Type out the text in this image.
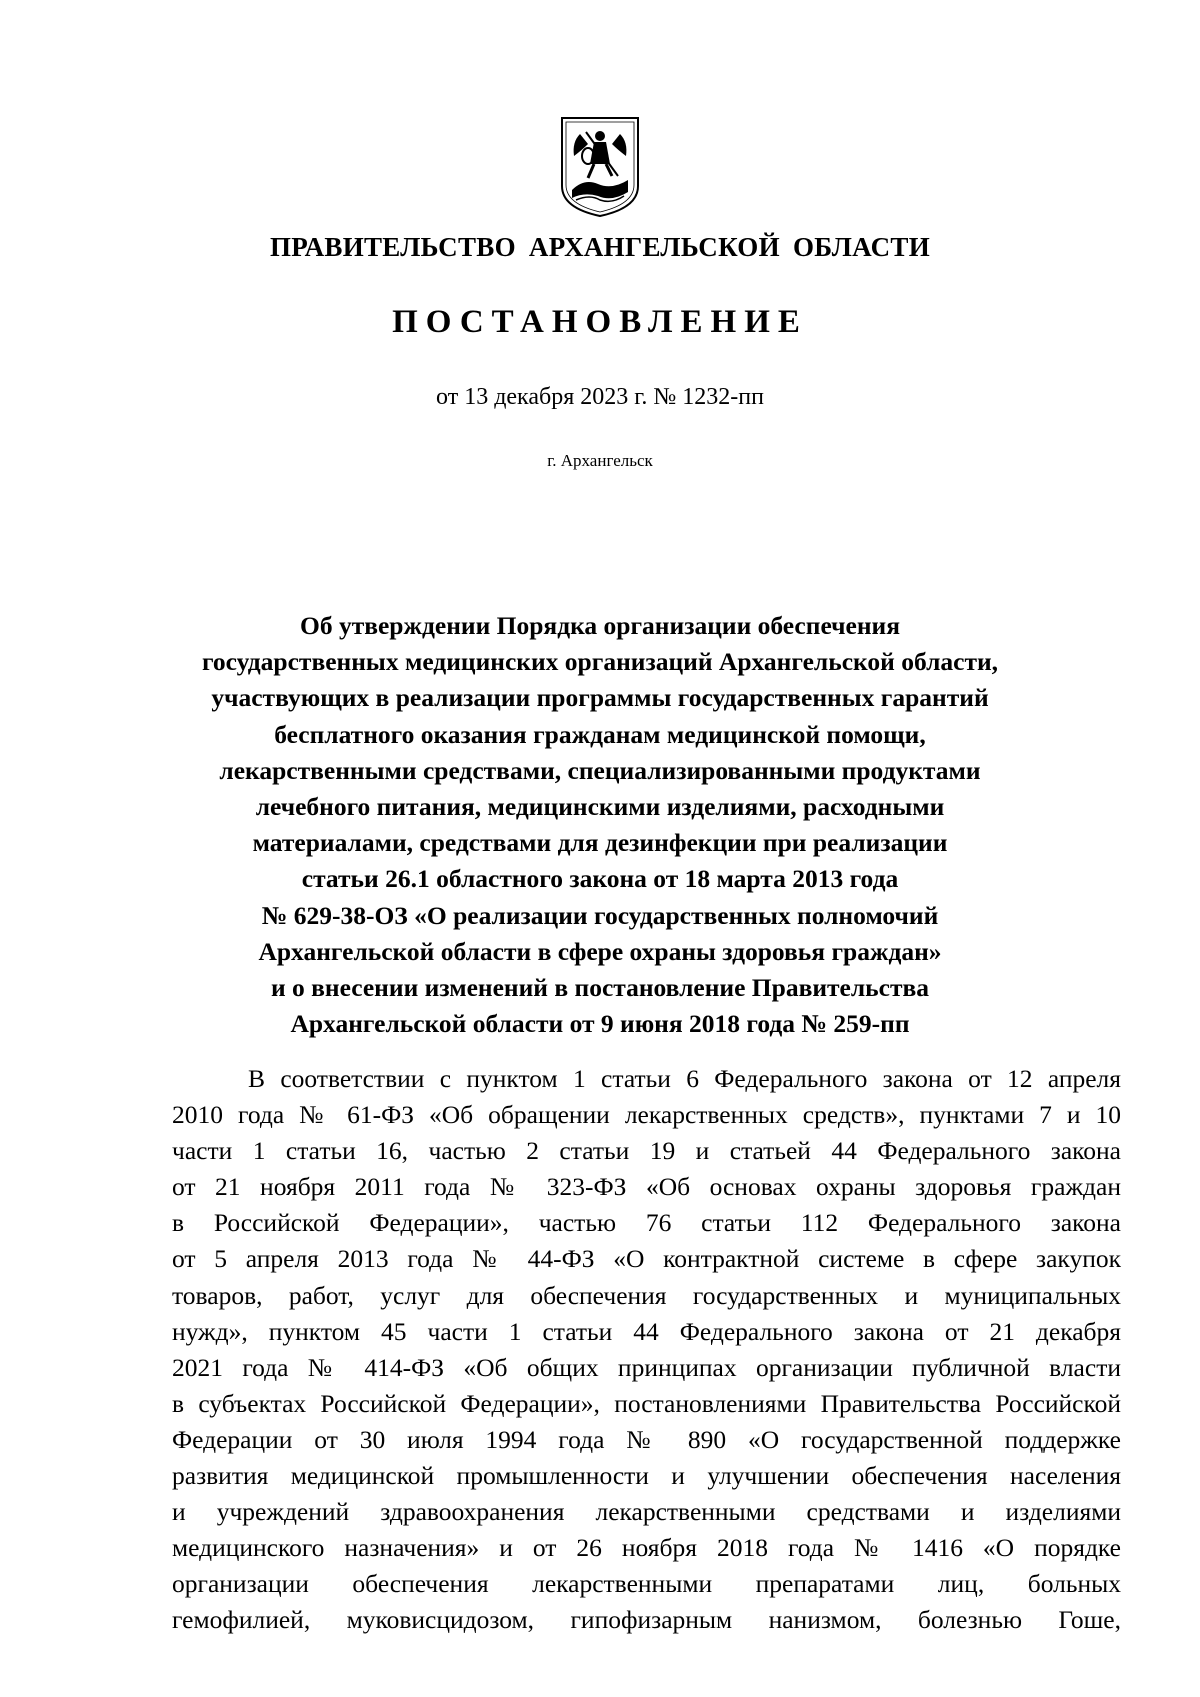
ПРАВИТЕЛЬСТВО АРХАНГЕЛЬСКОЙ ОБЛАСТИ
ПОСТАНОВЛЕНИЕ
от 13 декабря 2023 г. № 1232-пп
г. Архангельск
Об утверждении Порядка организации обеспечения
государственных медицинских организаций Архангельской области,
участвующих в реализации программы государственных гарантий
бесплатного оказания гражданам медицинской помощи,
лекарственными средствами, специализированными продуктами
лечебного питания, медицинскими изделиями, расходными
материалами, средствами для дезинфекции при реализации
статьи 26.1 областного закона от 18 марта 2013 года
№ 629-38-ОЗ «О реализации государственных полномочий
Архангельской области в сфере охраны здоровья граждан»
и о внесении изменений в постановление Правительства
Архангельской области от 9 июня 2018 года № 259-пп
В соответствии с пунктом 1 статьи 6 Федерального закона от 12 апреля
2010 года № 61-ФЗ «Об обращении лекарственных средств», пунктами 7 и 10
части 1 статьи 16, частью 2 статьи 19 и статьей 44 Федерального закона
от 21 ноября 2011 года № 323-ФЗ «Об основах охраны здоровья граждан
в Российской Федерации», частью 76 статьи 112 Федерального закона
от 5 апреля 2013 года № 44-ФЗ «О контрактной системе в сфере закупок
товаров, работ, услуг для обеспечения государственных и муниципальных
нужд», пунктом 45 части 1 статьи 44 Федерального закона от 21 декабря
2021 года № 414-ФЗ «Об общих принципах организации публичной власти
в субъектах Российской Федерации», постановлениями Правительства Российской
Федерации от 30 июля 1994 года № 890 «О государственной поддержке
развития медицинской промышленности и улучшении обеспечения населения
и учреждений здравоохранения лекарственными средствами и изделиями
медицинского назначения» и от 26 ноября 2018 года № 1416 «О порядке
организации обеспечения лекарственными препаратами лиц, больных
гемофилией, муковисцидозом, гипофизарным нанизмом, болезнью Гоше,
